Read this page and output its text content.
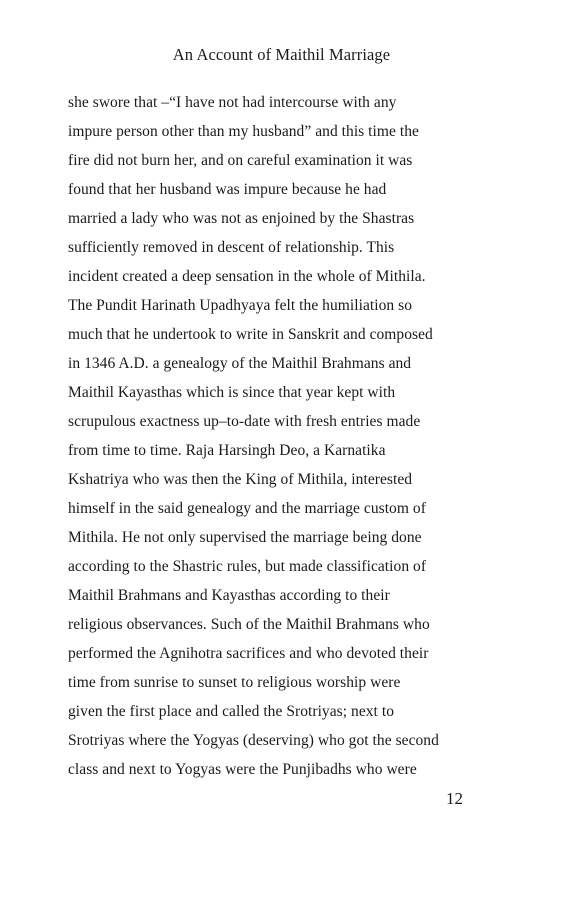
An Account of Maithil Marriage
she swore that –“I have not had intercourse with any
impure person other than my husband” and this time the
fire did not burn her, and on careful examination it was
found that her husband was impure because he had
married a lady who was not as enjoined by the Shastras
sufficiently removed in descent of relationship. This
incident created a deep sensation in the whole of Mithila.
The Pundit Harinath Upadhyaya felt the humiliation so
much that he undertook to write in Sanskrit and composed
in 1346 A.D. a genealogy of the Maithil Brahmans and
Maithil Kayasthas which is since that year kept with
scrupulous exactness up–to-date with fresh entries made
from time to time. Raja Harsingh Deo, a Karnatika
Kshatriya who was then the King of Mithila, interested
himself in the said genealogy and the marriage custom of
Mithila. He not only supervised the marriage being done
according to the Shastric rules, but made classification of
Maithil Brahmans and Kayasthas according to their
religious observances. Such of the Maithil Brahmans who
performed the Agnihotra sacrifices and who devoted their
time from sunrise to sunset to religious worship were
given the first place and called the Srotriyas; next to
Srotriyas where the Yogyas (deserving) who got the second
class and next to Yogyas were the Punjibadhs who were
12
